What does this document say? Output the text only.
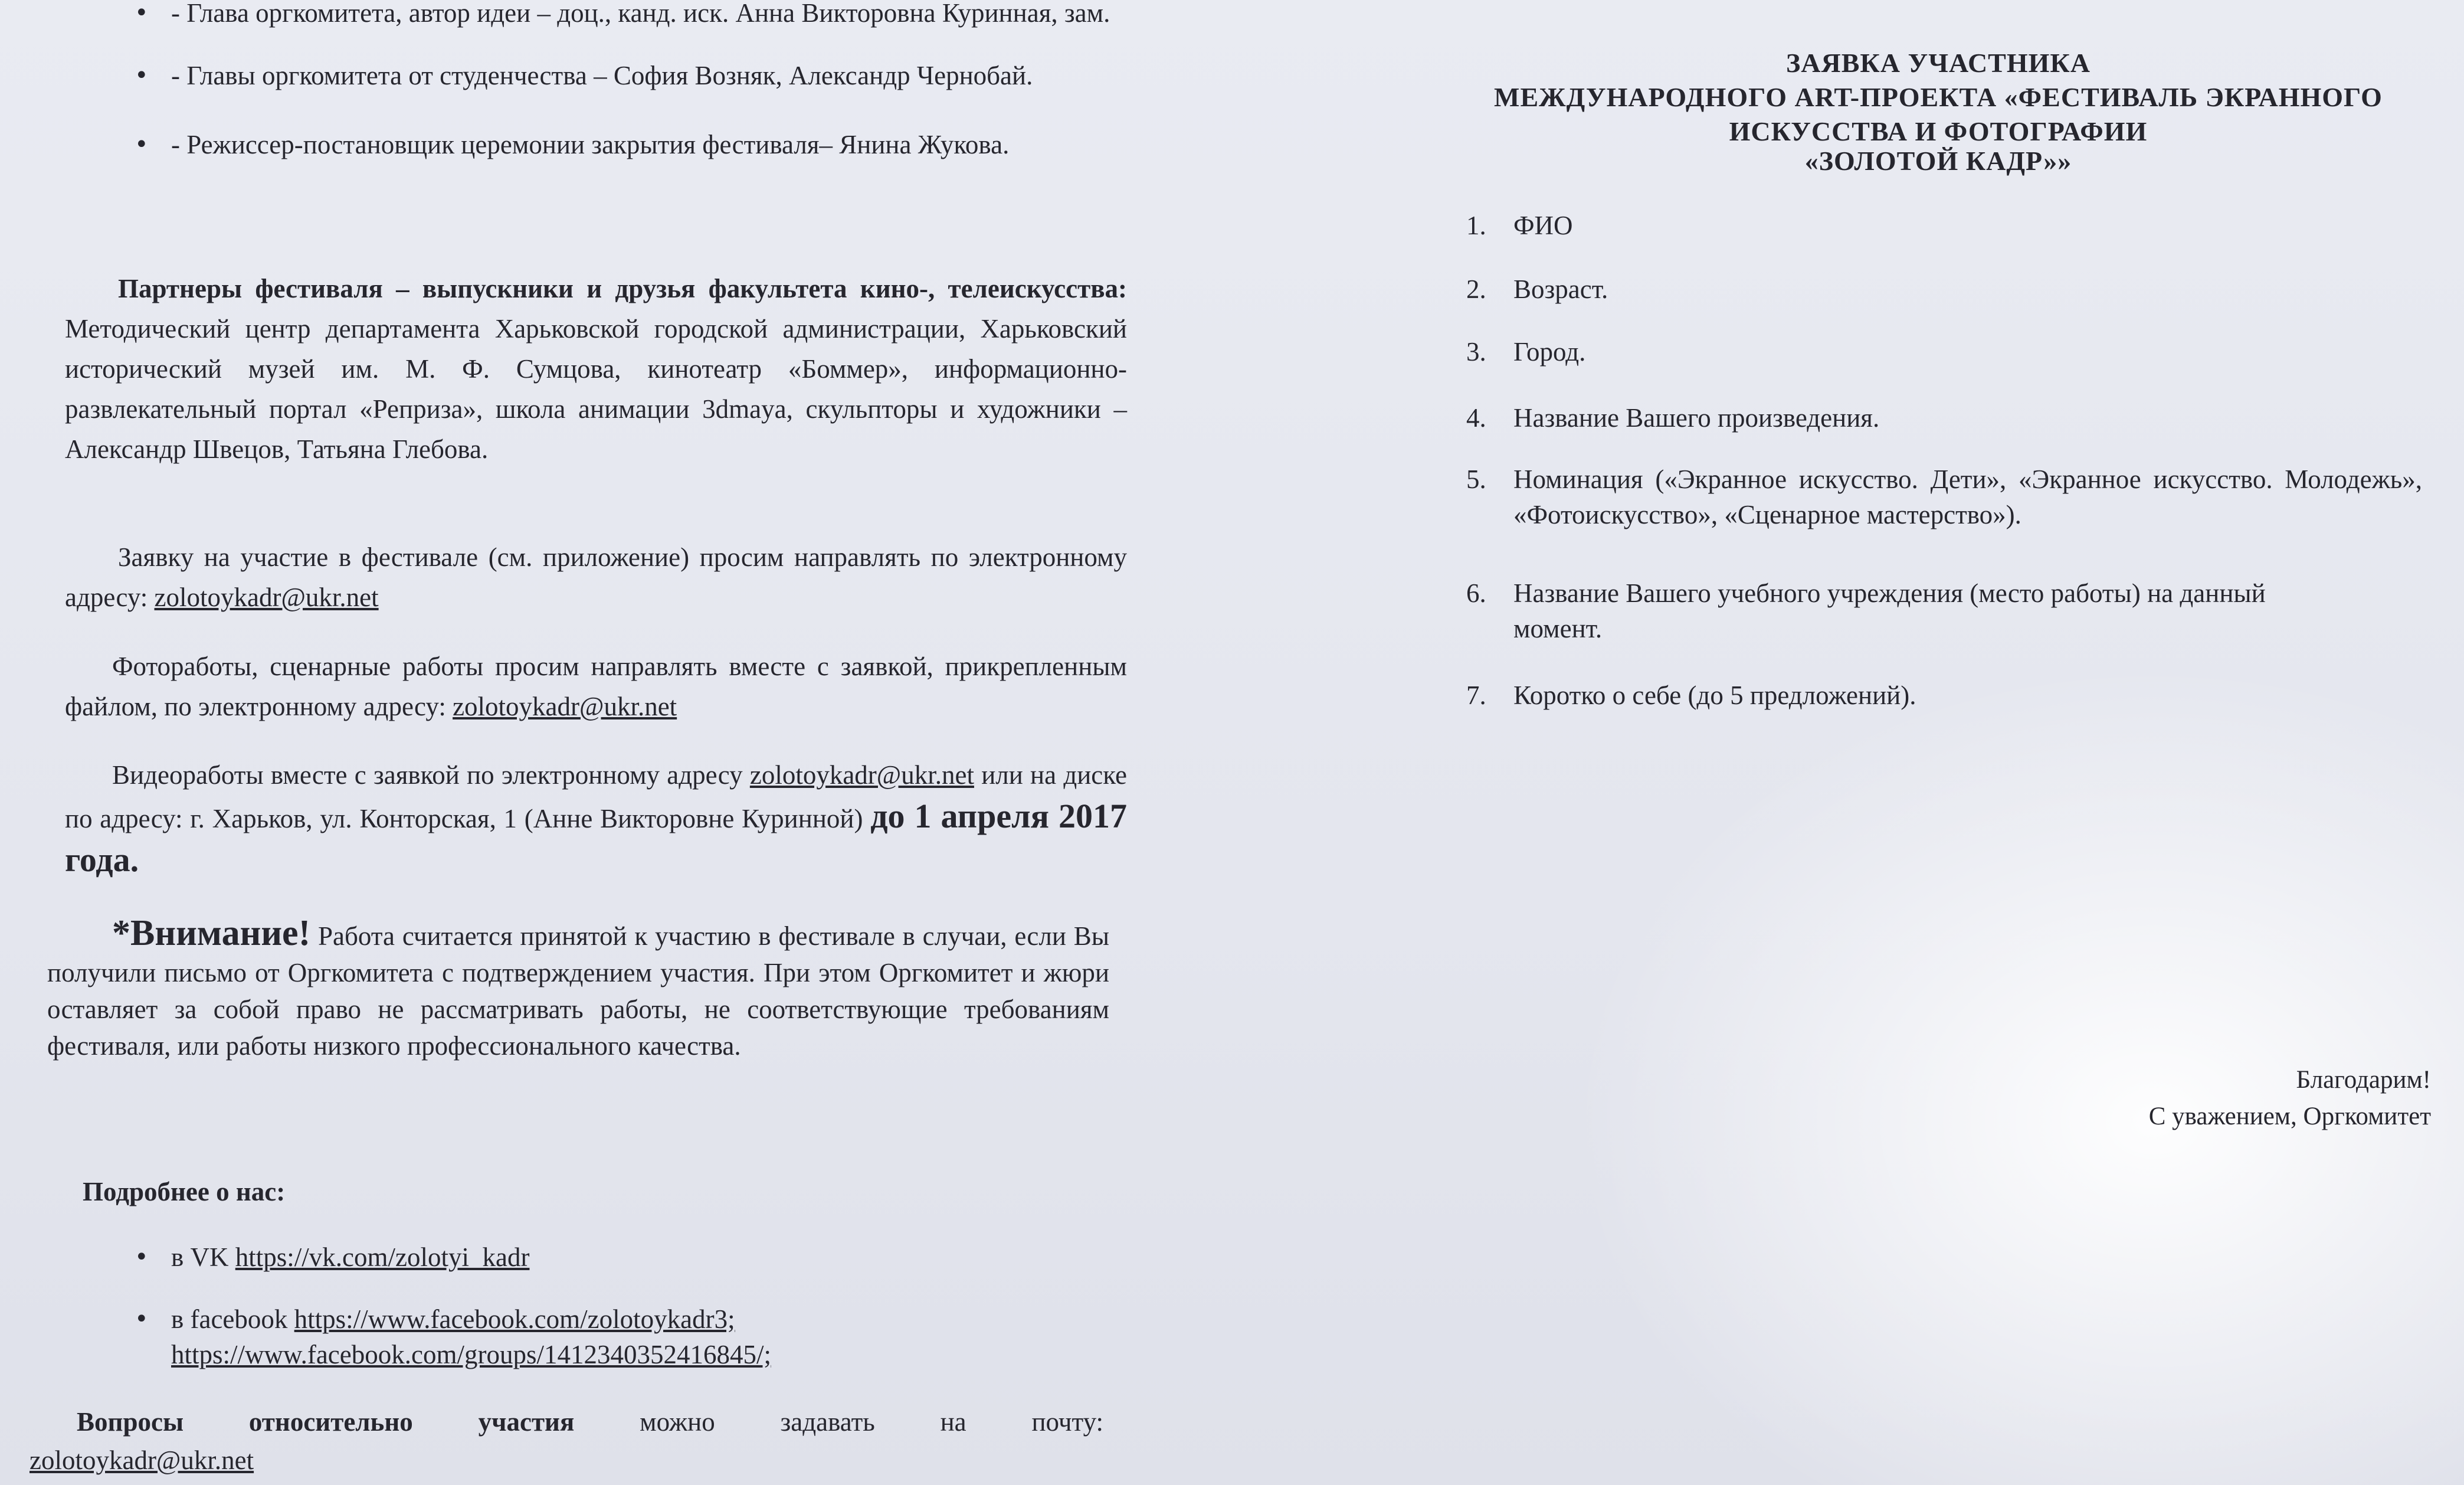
• - Глава оргкомитета, автор идеи – доц., канд. иск. Анна Викторовна Куринная, зам.
• - Главы оргкомитета от студенчества – София Возняк, Александр Чернобай.
• - Режиссер-постановщик церемонии закрытия фестиваля– Янина Жукова.
Партнеры фестиваля – выпускники и друзья факультета кино-, телеискусства: Методический центр департамента Харьковской городской администрации, Харьковский исторический музей им. М. Ф. Сумцова, кинотеатр «Боммер», информационно-развлекательный портал «Реприза», школа анимации 3dmaya, скульпторы и художники – Александр Швецов, Татьяна Глебова.
Заявку на участие в фестивале (см. приложение) просим направлять по электронному адресу: zolotoykadr@ukr.net
Фотоработы, сценарные работы просим направлять вместе с заявкой, прикрепленным файлом, по электронному адресу: zolotoykadr@ukr.net
Видеоработы вместе с заявкой по электронному адресу zolotoykadr@ukr.net или на диске по адресу: г. Харьков, ул. Конторская, 1 (Анне Викторовне Куринной) до 1 апреля 2017 года.
*Внимание! Работа считается принятой к участию в фестивале в случаи, если Вы получили письмо от Оргкомитета с подтверждением участия. При этом Оргкомитет и жюри оставляет за собой право не рассматривать работы, не соответствующие требованиям фестиваля, или работы низкого профессионального качества.
Подробнее о нас:
• в VK https://vk.com/zolotyi_kadr
• в facebook https://www.facebook.com/zolotoykadr3;
https://www.facebook.com/groups/1412340352416845/;
Вопросы относительно участия можно задавать на почту:
zolotoykadr@ukr.net
ЗАЯВКА УЧАСТНИКА
МЕЖДУНАРОДНОГО ART-ПРОЕКТА «ФЕСТИВАЛЬ ЭКРАННОГО
ИСКУССТВА И ФОТОГРАФИИ
«ЗОЛОТОЙ КАДР»»
1. ФИО
2. Возраст.
3. Город.
4. Название Вашего произведения.
5. Номинация («Экранное искусство. Дети», «Экранное искусство. Молодежь», «Фотоискусство», «Сценарное мастерство»).
6. Название Вашего учебного учреждения (место работы) на данный момент.
7. Коротко о себе (до 5 предложений).
Благодарим!
С уважением, Оргкомитет
